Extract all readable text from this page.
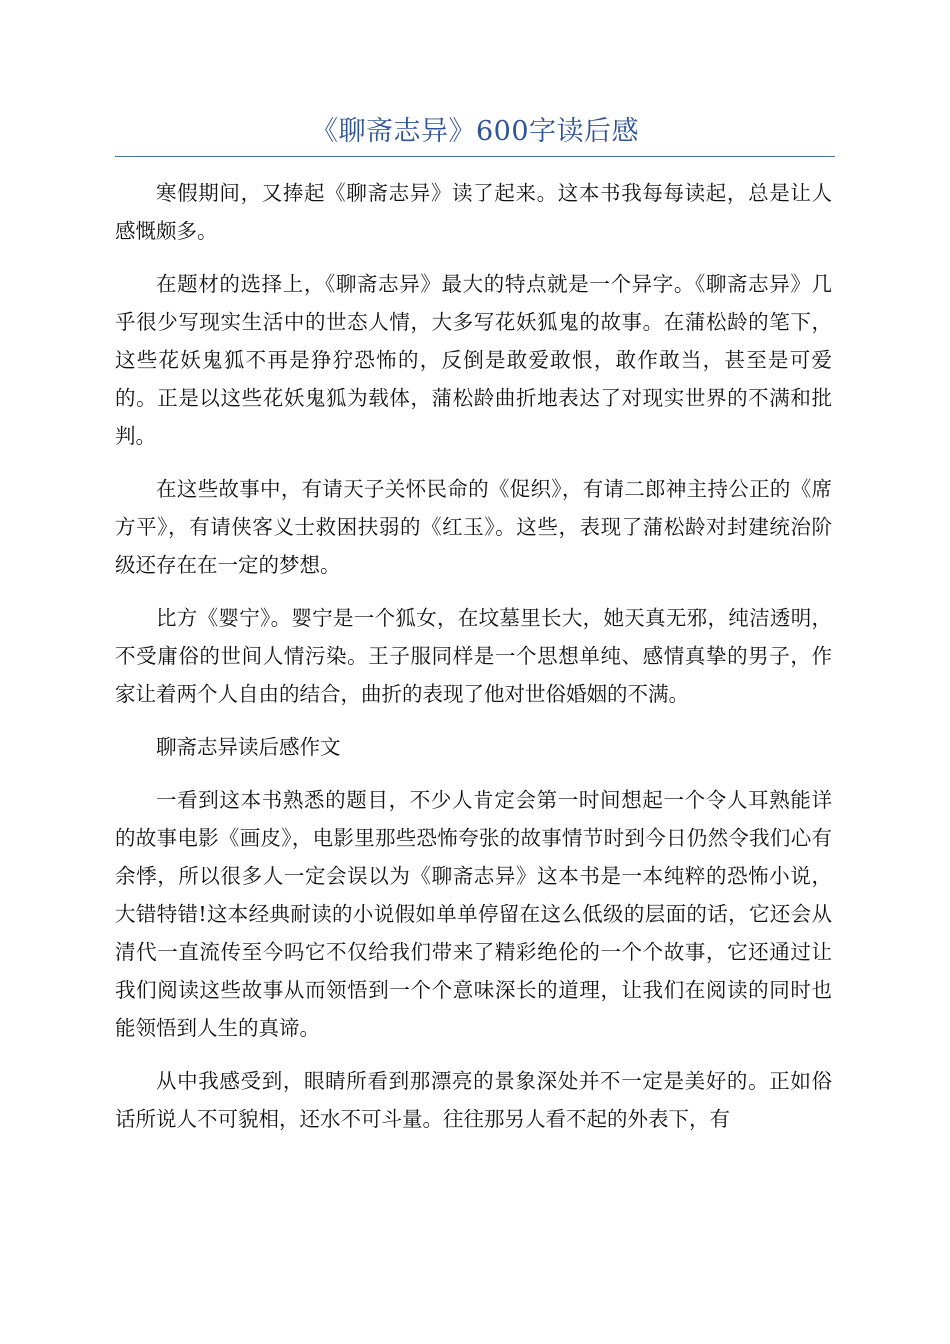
《聊斋志异》600字读后感

寒假期间，又捧起《聊斋志异》读了起来。这本书我每每读起，总是让人感慨颇多。

在题材的选择上，《聊斋志异》最大的特点就是一个异字。《聊斋志异》几乎很少写现实生活中的世态人情，大多写花妖狐鬼的故事。在蒲松龄的笔下，这些花妖鬼狐不再是狰狞恐怖的，反倒是敢爱敢恨，敢作敢当，甚至是可爱的。正是以这些花妖鬼狐为载体，蒲松龄曲折地表达了对现实世界的不满和批判。

在这些故事中，有请天子关怀民命的《促织》，有请二郎神主持公正的《席方平》，有请侠客义士救困扶弱的《红玉》。这些，表现了蒲松龄对封建统治阶级还存在在一定的梦想。

比方《婴宁》。婴宁是一个狐女，在坟墓里长大，她天真无邪，纯洁透明，不受庸俗的世间人情污染。王子服同样是一个思想单纯、感情真挚的男子，作家让着两个人自由的结合，曲折的表现了他对世俗婚姻的不满。

聊斋志异读后感作文

一看到这本书熟悉的题目，不少人肯定会第一时间想起一个令人耳熟能详的故事电影《画皮》，电影里那些恐怖夸张的故事情节时到今日仍然令我们心有余悸，所以很多人一定会误以为《聊斋志异》这本书是一本纯粹的恐怖小说，大错特错!这本经典耐读的小说假如单单停留在这么低级的层面的话，它还会从清代一直流传至今吗它不仅给我们带来了精彩绝伦的一个个故事，它还通过让我们阅读这些故事从而领悟到一个个意味深长的道理，让我们在阅读的同时也能领悟到人生的真谛。

从中我感受到，眼睛所看到那漂亮的景象深处并不一定是美好的。正如俗话所说人不可貌相，还水不可斗量。往往那另人看不起的外表下，有
